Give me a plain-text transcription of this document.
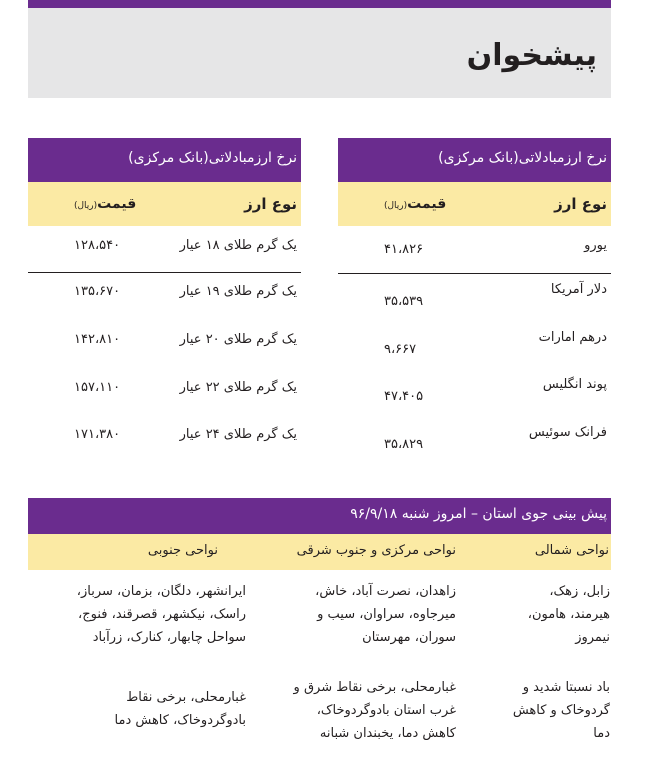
پیشخوان
نرخ ارزمبادلاتی(بانک مرکزی)
نوع ارز
قیمت(ریال)
یورو
۴۱،۸۲۶
دلار آمریکا
۳۵،۵۳۹
درهم امارات
۹،۶۶۷
پوند انگلیس
۴۷،۴۰۵
فرانک سوئیس
۳۵،۸۲۹
نرخ ارزمبادلاتی(بانک مرکزی)
نوع ارز
قیمت(ریال)
یک گرم طلای ۱۸ عیار
۱۲۸،۵۴۰
یک گرم طلای ۱۹ عیار
۱۳۵،۶۷۰
یک گرم طلای ۲۰ عیار
۱۴۲،۸۱۰
یک گرم طلای ۲۲ عیار
۱۵۷،۱۱۰
یک گرم طلای ۲۴ عیار
۱۷۱،۳۸۰
پیش بینی جوی استان – امروز شنبه ۹۶/۹/۱۸
نواحی شمالی
نواحی مرکزی و جنوب شرقی
نواحی جنوبی
زابل، زهک،
هیرمند، هامون،
نیمروز
زاهدان، نصرت آباد، خاش،
میرجاوه، سراوان، سیب و
سوران، مهرستان
ایرانشهر، دلگان، بزمان، سرباز،
راسک، نیکشهر، قصرقند، فنوج،
سواحل چابهار، کنارک، زرآباد
باد نسبتا شدید و
گردوخاک و کاهش
دما
غبارمحلی، برخی نقاط شرق و
غرب استان بادوگردوخاک،
کاهش دما، یخبندان شبانه
غبارمحلی، برخی نقاط
بادوگردوخاک، کاهش دما
